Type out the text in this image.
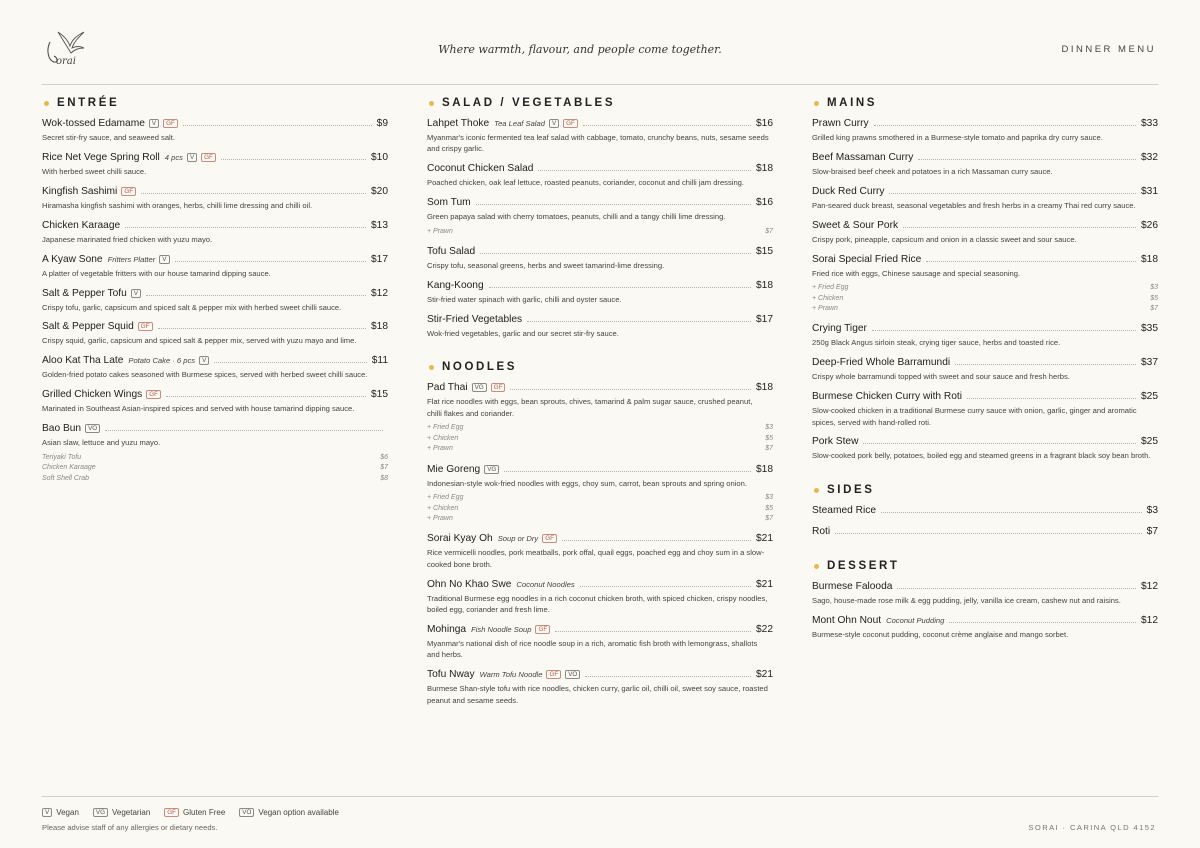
orai
Where warmth, flavour, and people come together.	DINNER MENU
ENTRÉE
Wok-tossed Edamame	V	GF	$9
Secret stir-fry sauce, and seaweed salt.
Rice Net Vege Spring Roll 4 pcs	V	GF	$10
With herbed sweet chilli sauce.
Kingfish Sashimi	GF	$20
Hiramasha kingfish sashimi with oranges, herbs, chilli lime dressing and chilli oil.
Chicken Karaage	$13
Japanese marinated fried chicken with yuzu mayo.
A Kyaw Sone Fritters Platter	V	$17
A platter of vegetable fritters with our house tamarind dipping sauce.
Salt & Pepper Tofu	V	$12
Crispy tofu, garlic, capsicum and spiced salt & pepper mix with herbed sweet chilli sauce.
Salt & Pepper Squid	GF	$18
Crispy squid, garlic, capsicum and spiced salt & pepper mix, served with yuzu mayo and lime.
Aloo Kat Tha Late Potato Cake · 6 pcs	V	$11
Golden-fried potato cakes seasoned with Burmese spices, served with herbed sweet chilli sauce.
Grilled Chicken Wings	GF	$15
Marinated in Southeast Asian-inspired spices and served with house tamarind dipping sauce.
Bao Bun	VO
Asian slaw, lettuce and yuzu mayo.
Teriyaki Tofu	$6
Chicken Karaage	$7
Soft Shell Crab	$8
SALAD / VEGETABLES
Lahpet Thoke Tea Leaf Salad	V	GF	$16
Myanmar's iconic fermented tea leaf salad with cabbage, tomato, crunchy beans, nuts, sesame seeds and crispy garlic.
Coconut Chicken Salad	$18
Poached chicken, oak leaf lettuce, roasted peanuts, coriander, coconut and chilli jam dressing.
Som Tum	$16
Green papaya salad with cherry tomatoes, peanuts, chilli and a tangy chilli lime dressing.
+ Prawn	$7
Tofu Salad	$15
Crispy tofu, seasonal greens, herbs and sweet tamarind-lime dressing.
Kang-Koong	$18
Stir-fried water spinach with garlic, chilli and oyster sauce.
Stir-Fried Vegetables	$17
Wok-fried vegetables, garlic and our secret stir-fry sauce.
NOODLES
Pad Thai	VG	GF	$18
Flat rice noodles with eggs, bean sprouts, chives, tamarind & palm sugar sauce, crushed peanut, chilli flakes and coriander.
+ Fried Egg	$3
+ Chicken	$5
+ Prawn	$7
Mie Goreng	VG	$18
Indonesian-style wok-fried noodles with eggs, choy sum, carrot, bean sprouts and spring onion.
+ Fried Egg	$3
+ Chicken	$5
+ Prawn	$7
Sorai Kyay Oh Soup or Dry	GF	$21
Rice vermicelli noodles, pork meatballs, pork offal, quail eggs, poached egg and choy sum in a slow-cooked bone broth.
Ohn No Khao Swe Coconut Noodles	$21
Traditional Burmese egg noodles in a rich coconut chicken broth, with spiced chicken, crispy noodles, boiled egg, coriander and fresh lime.
Mohinga Fish Noodle Soup	GF	$22
Myanmar's national dish of rice noodle soup in a rich, aromatic fish broth with lemongrass, shallots and herbs.
Tofu Nway Warm Tofu Noodle	GF	VO	$21
Burmese Shan-style tofu with rice noodles, chicken curry, garlic oil, chilli oil, sweet soy sauce, roasted peanut and sesame seeds.
MAINS
Prawn Curry	$33
Grilled king prawns smothered in a Burmese-style tomato and paprika dry curry sauce.
Beef Massaman Curry	$32
Slow-braised beef cheek and potatoes in a rich Massaman curry sauce.
Duck Red Curry	$31
Pan-seared duck breast, seasonal vegetables and fresh herbs in a creamy Thai red curry sauce.
Sweet & Sour Pork	$26
Crispy pork, pineapple, capsicum and onion in a classic sweet and sour sauce.
Sorai Special Fried Rice	$18
Fried rice with eggs, Chinese sausage and special seasoning.
+ Fried Egg	$3
+ Chicken	$5
+ Prawn	$7
Crying Tiger	$35
250g Black Angus sirloin steak, crying tiger sauce, herbs and toasted rice.
Deep-Fried Whole Barramundi	$37
Crispy whole barramundi topped with sweet and sour sauce and fresh herbs.
Burmese Chicken Curry with Roti	$25
Slow-cooked chicken in a traditional Burmese curry sauce with onion, garlic, ginger and aromatic spices, served with hand-rolled roti.
Pork Stew	$25
Slow-cooked pork belly, potatoes, boiled egg and steamed greens in a fragrant black soy bean broth.
SIDES
Steamed Rice	$3
Roti	$7
DESSERT
Burmese Falooda	$12
Sago, house-made rose milk & egg pudding, jelly, vanilla ice cream, cashew nut and raisins.
Mont Ohn Nout Coconut Pudding	$12
Burmese-style coconut pudding, coconut crème anglaise and mango sorbet.
V Vegan	VG Vegetarian	GF Gluten Free	VO Vegan option available
Please advise staff of any allergies or dietary needs.	SORAI · CARINA QLD 4152
